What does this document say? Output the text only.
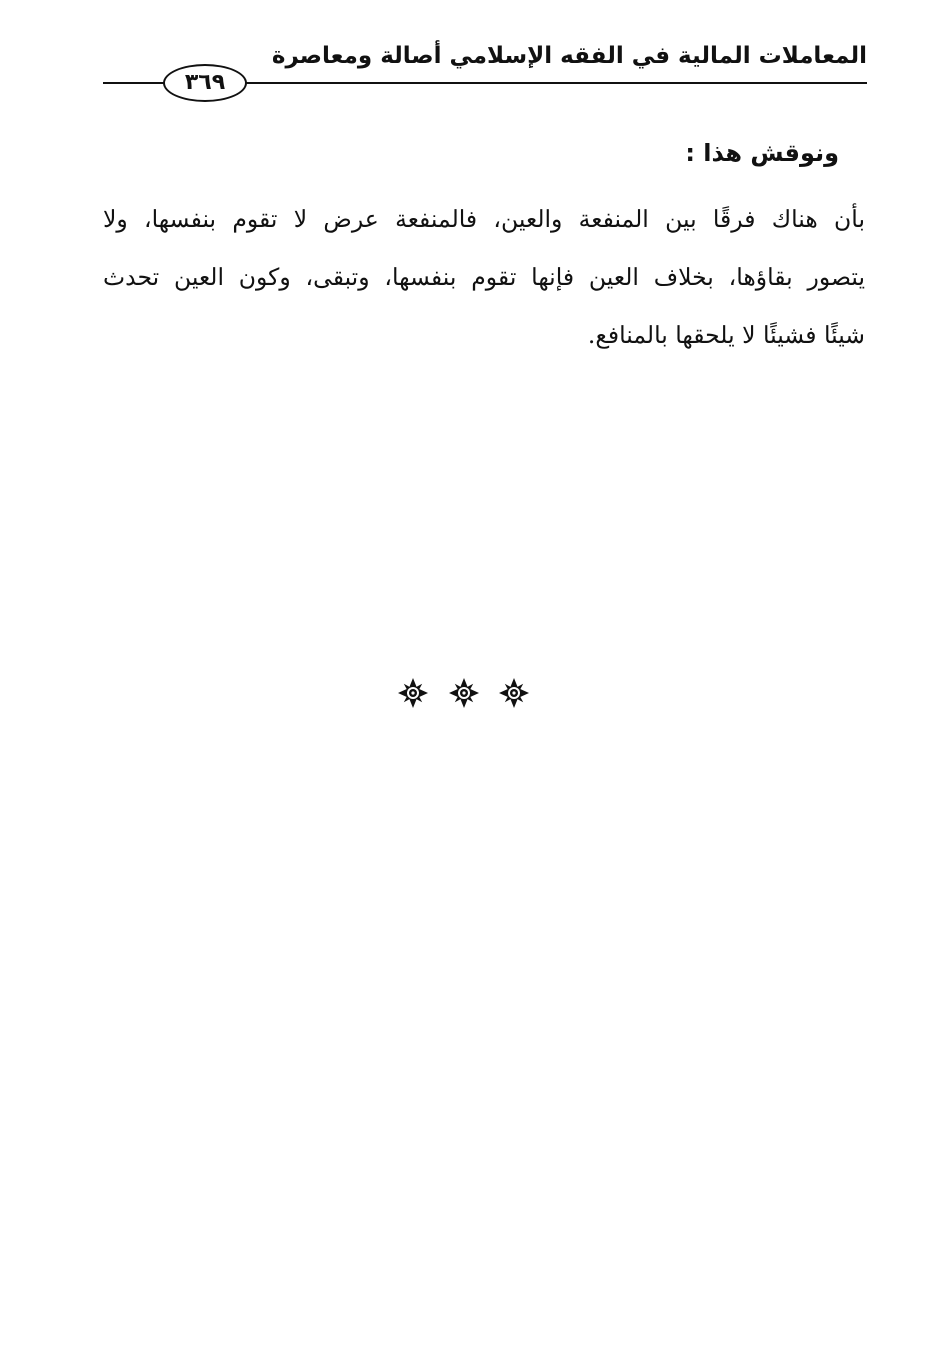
المعاملات المالية في الفقه الإسلامي أصالة ومعاصرة
٣٦٩
ونوقش هذا :
بأن هناك فرقًا بين المنفعة والعين، فالمنفعة عرض لا تقوم بنفسها، ولا
يتصور بقاؤها، بخلاف العين فإنها تقوم بنفسها، وتبقى، وكون العين تحدث
شيئًا فشيئًا لا يلحقها بالمنافع.
